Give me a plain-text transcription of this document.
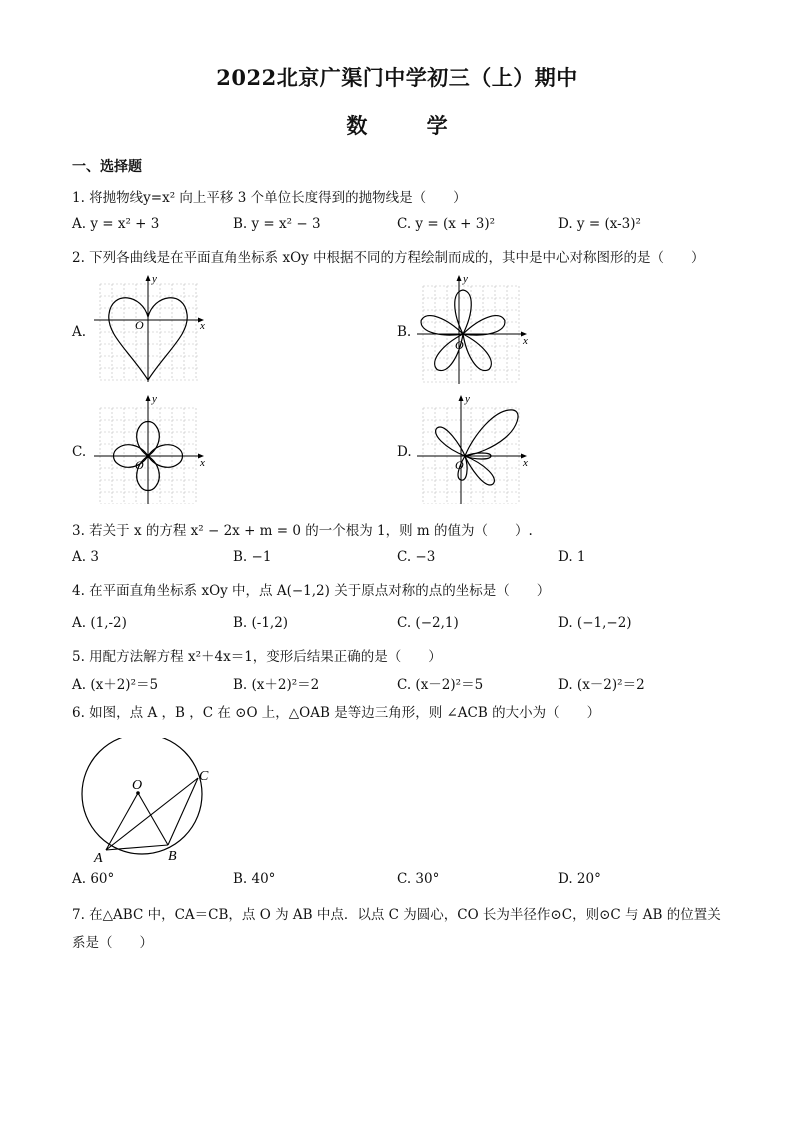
2022北京广渠门中学初三（上）期中
数 学
一、选择题
1. 将抛物线y=x² 向上平移 3 个单位长度得到的抛物线是（　　）
A. y = x² + 3	B. y = x² − 3	C. y = (x + 3)²	D. y = (x-3)²
2. 下列各曲线是在平面直角坐标系 xOy 中根据不同的方程绘制而成的，其中是中心对称图形的是（　　）
A.	B.
C.	D.
O	x
y
O	x
y
O	x
y
O	x
y
3. 若关于 x 的方程 x² − 2x + m = 0 的一个根为 1，则 m 的值为（　　）.
A. 3	B. −1	C. −3	D. 1
4. 在平面直角坐标系 xOy 中，点 A(−1,2) 关于原点对称的点的坐标是（　　）
A. (1,‑2)	B. (‑1,2)	C. (−2,1)	D. (−1,−2)
5. 用配方法解方程 x²＋4x＝1，变形后结果正确的是（　　）
A. (x＋2)²＝5	B. (x＋2)²＝2	C. (x－2)²＝5	D. (x－2)²＝2
6. 如图，点 A ，B ，C 在 ⊙O 上，△OAB 是等边三角形，则 ∠ACB 的大小为（　　）
O
A	B
C
A. 60°	B. 40°	C. 30°	D. 20°
7. 在△ABC 中，CA＝CB，点 O 为 AB 中点．以点 C 为圆心，CO 长为半径作⊙C，则⊙C 与 AB 的位置关
系是（　　）
